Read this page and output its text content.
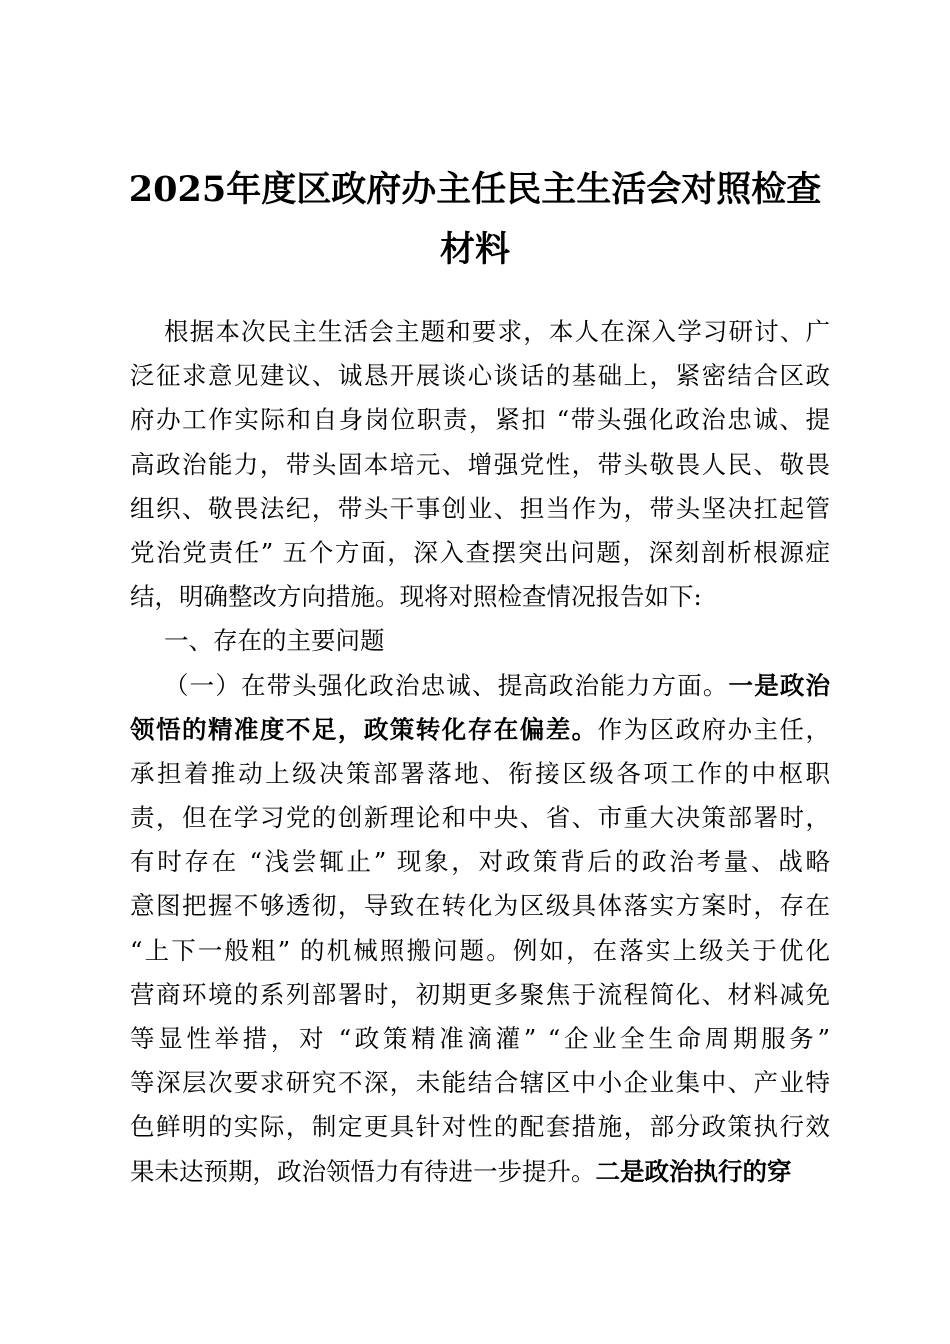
2025年度区政府办主任民主生活会对照检查
材料
根据本次民主生活会主题和要求，本人在深入学习研讨、广
泛征求意见建议、诚恳开展谈心谈话的基础上，紧密结合区政
府办工作实际和自身岗位职责，紧扣 “带头强化政治忠诚、提
高政治能力，带头固本培元、增强党性，带头敬畏人民、敬畏
组织、敬畏法纪，带头干事创业、担当作为，带头坚决扛起管
党治党责任” 五个方面，深入查摆突出问题，深刻剖析根源症
结，明确整改方向措施。现将对照检查情况报告如下:
一、存在的主要问题
（一）在带头强化政治忠诚、提高政治能力方面。一是政治
领悟的精准度不足，政策转化存在偏差。作为区政府办主任，
承担着推动上级决策部署落地、衔接区级各项工作的中枢职
责，但在学习党的创新理论和中央、省、市重大决策部署时，
有时存在 “浅尝辄止” 现象，对政策背后的政治考量、战略
意图把握不够透彻，导致在转化为区级具体落实方案时，存在
“上下一般粗” 的机械照搬问题。例如，在落实上级关于优化
营商环境的系列部署时，初期更多聚焦于流程简化、材料减免
等显性举措，对 “政策精准滴灌” “企业全生命周期服务”
等深层次要求研究不深，未能结合辖区中小企业集中、产业特
色鲜明的实际，制定更具针对性的配套措施，部分政策执行效
果未达预期，政治领悟力有待进一步提升。二是政治执行的穿
